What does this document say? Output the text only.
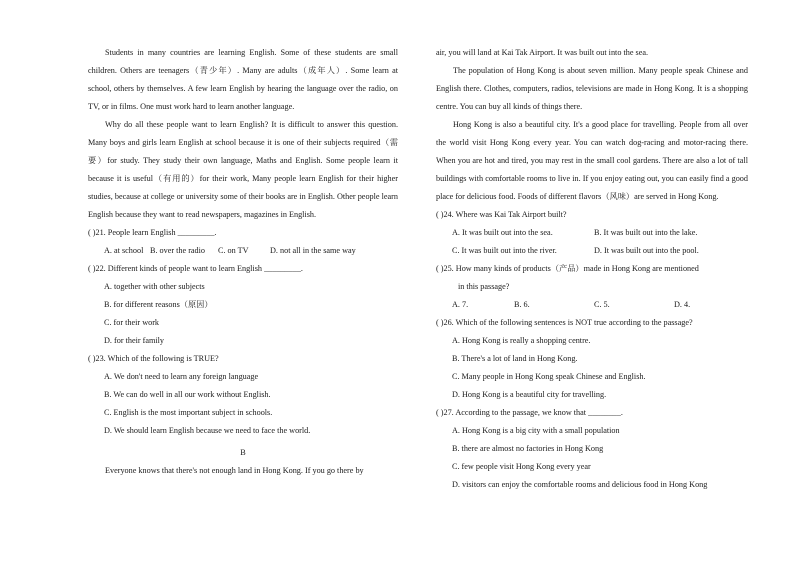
Students in many countries are learning English. Some of these students are small children. Others are teenagers（青少年）. Many are adults（成年人）. Some learn at school, others by themselves. A few learn English by hearing the language over the radio, on TV, or in films. One must work hard to learn another language.
Why do all these people want to learn English? It is difficult to answer this question. Many boys and girls learn English at school because it is one of their subjects required（需要）for study. They study their own language, Maths and English. Some people learn it because it is useful（有用的）for their work, Many people learn English for their higher studies, because at college or university some of their books are in English. Other people learn English because they want to read newspapers, magazines in English.
( )21. People learn English _________.
A. at school B. over the radio	C. on TV	D. not all in the same way
( )22. Different kinds of people want to learn English _________.
A. together with other subjects
B. for different reasons（原因）
C. for their work
D. for their family
( )23. Which of the following is TRUE?
A. We don't need to learn any foreign language
B. We can do well in all our work without English.
C. English is the most important subject in schools.
D. We should learn English because we need to face the world.
B
Everyone knows that there's not enough land in Hong Kong. If you go there by
air, you will land at Kai Tak Airport. It was built out into the sea.
The population of Hong Kong is about seven million. Many people speak Chinese and English there. Clothes, computers, radios, televisions are made in Hong Kong. It is a shopping centre. You can buy all kinds of things there.
Hong Kong is also a beautiful city. It's a good place for travelling. People from all over the world visit Hong Kong every year. You can watch dog-racing and motor-racing there. When you are hot and tired, you may rest in the small cool gardens. There are also a lot of tall buildings with comfortable rooms to live in. If you enjoy eating out, you can easily find a good place for delicious food. Foods of different flavors（风味）are served in Hong Kong.
( )24. Where was Kai Tak Airport built?
A. It was built out into the sea.	B. It was built out into the lake.
C. It was built out into the river.	D. It was built out into the pool.
( )25. How many kinds of products（产品）made in Hong Kong are mentioned
in this passage?
A. 7.	B. 6.	C. 5.	D. 4.
( )26. Which of the following sentences is NOT true according to the passage?
A. Hong Kong is really a shopping centre.
B. There's a lot of land in Hong Kong.
C. Many people in Hong Kong speak Chinese and English.
D. Hong Kong is a beautiful city for travelling.
( )27. According to the passage, we know that ________.
A. Hong Kong is a big city with a small population
B. there are almost no factories in Hong Kong
C. few people visit Hong Kong every year
D. visitors can enjoy the comfortable rooms and delicious food in Hong Kong
